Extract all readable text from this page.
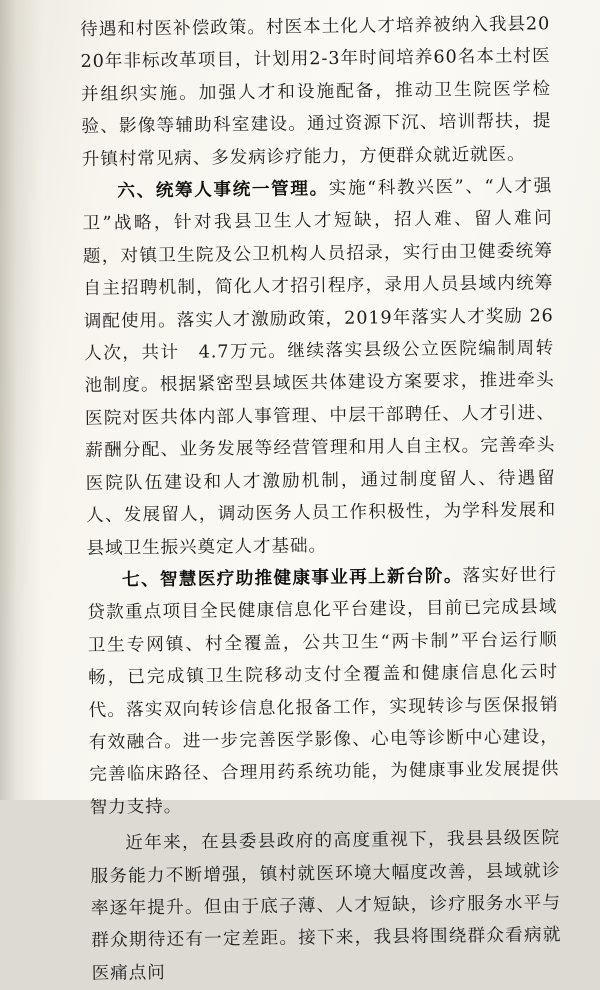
待遇和村医补偿政策。村医本土化人才培养被纳入我县2020年非标改革项目，计划用2-3年时间培养60名本土村医并组织实施。加强人才和设施配备，推动卫生院医学检验、影像等辅助科室建设。通过资源下沉、培训帮扶，提升镇村常见病、多发病诊疗能力，方便群众就近就医。

六、统筹人事统一管理。实施“科教兴医”、“人才强卫”战略，针对我县卫生人才短缺，招人难、留人难问题，对镇卫生院及公卫机构人员招录，实行由卫健委统筹自主招聘机制，简化人才招引程序，录用人员县域内统筹调配使用。落实人才激励政策，2019年落实人才奖励 26人次，共计　4.7万元。继续落实县级公立医院编制周转池制度。根据紧密型县域医共体建设方案要求，推进牵头医院对医共体内部人事管理、中层干部聘任、人才引进、薪酬分配、业务发展等经营管理和用人自主权。完善牵头医院队伍建设和人才激励机制，通过制度留人、待遇留人、发展留人，调动医务人员工作积极性，为学科发展和县域卫生振兴奠定人才基础。

七、智慧医疗助推健康事业再上新台阶。落实好世行贷款重点项目全民健康信息化平台建设，目前已完成县域卫生专网镇、村全覆盖，公共卫生“两卡制”平台运行顺畅，已完成镇卫生院移动支付全覆盖和健康信息化云时代。落实双向转诊信息化报备工作，实现转诊与医保报销有效融合。进一步完善医学影像、心电等诊断中心建设，完善临床路径、合理用药系统功能，为健康事业发展提供智力支持。

近年来，在县委县政府的高度重视下，我县县级医院服务能力不断增强，镇村就医环境大幅度改善，县域就诊率逐年提升。但由于底子薄、人才短缺，诊疗服务水平与群众期待还有一定差距。接下来，我县将围绕群众看病就医痛点问
